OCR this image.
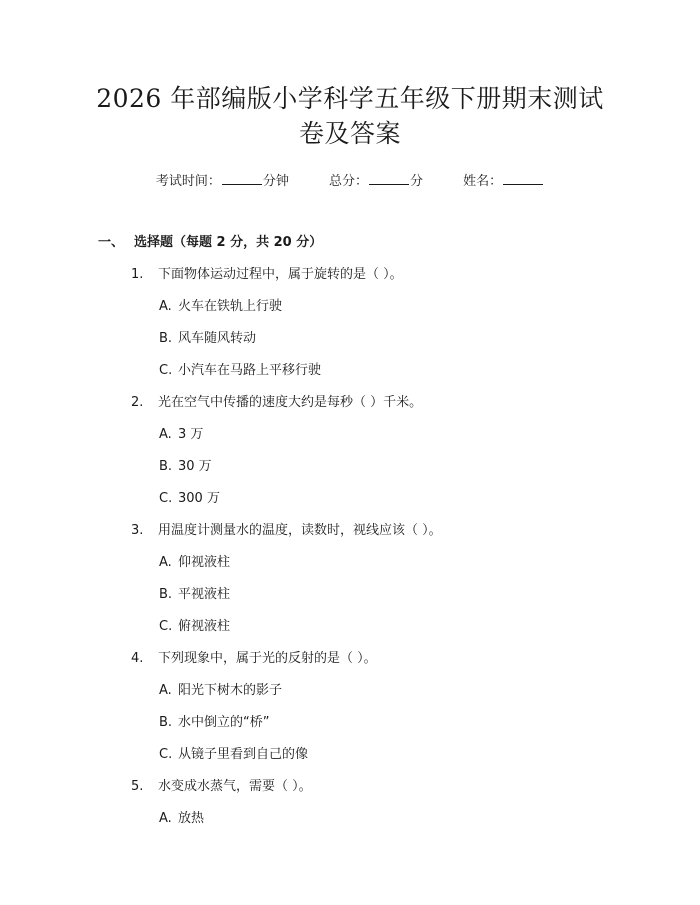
2026 年部编版小学科学五年级下册期末测试
卷及答案
考试时间：	分钟	总分：	分	姓名：
一、 选择题（每题 2 分，共 20 分）
1. 下面物体运动过程中，属于旋转的是（ ）。
A. 火车在铁轨上行驶
B. 风车随风转动
C. 小汽车在马路上平移行驶
2. 光在空气中传播的速度大约是每秒（ ）千米。
A. 3 万
B. 30 万
C. 300 万
3. 用温度计测量水的温度，读数时，视线应该（ ）。
A. 仰视液柱
B. 平视液柱
C. 俯视液柱
4. 下列现象中，属于光的反射的是（ ）。
A. 阳光下树木的影子
B. 水中倒立的“桥”
C. 从镜子里看到自己的像
5. 水变成水蒸气，需要（ ）。
A. 放热
